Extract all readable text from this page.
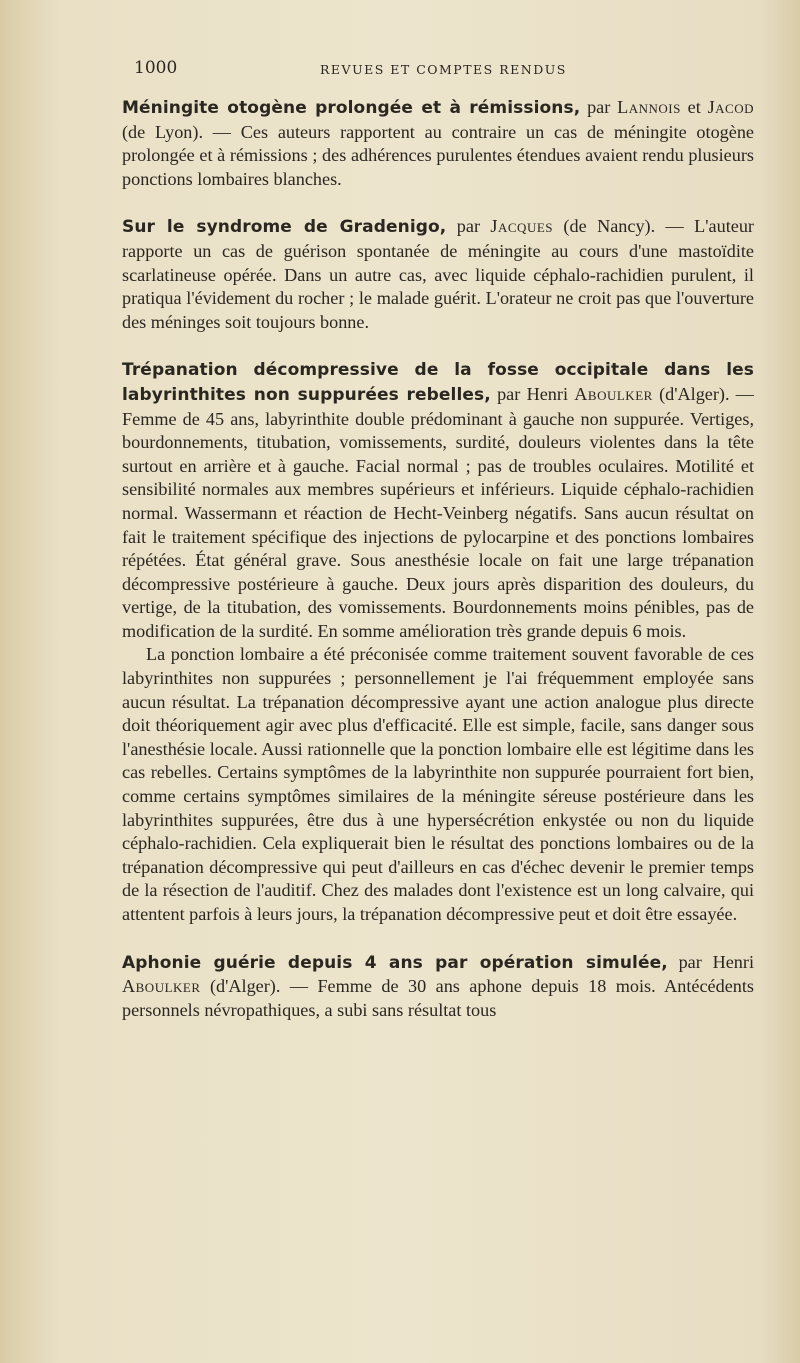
1000	REVUES ET COMPTES RENDUS

Méningite otogène prolongée et à rémissions, par Lannois et Jacod (de Lyon). — Ces auteurs rapportent au contraire un cas de méningite otogène prolongée et à rémissions ; des adhérences purulentes étendues avaient rendu plusieurs ponctions lombaires blanches.

Sur le syndrome de Gradenigo, par Jacques (de Nancy). — L'auteur rapporte un cas de guérison spontanée de méningite au cours d'une mastoïdite scarlatineuse opérée. Dans un autre cas, avec liquide céphalo-rachidien purulent, il pratiqua l'évidement du rocher ; le malade guérit. L'orateur ne croit pas que l'ouverture des méninges soit toujours bonne.

Trépanation décompressive de la fosse occipitale dans les labyrinthites non suppurées rebelles, par Henri Aboulker (d'Alger). — Femme de 45 ans, labyrinthite double prédominant à gauche non suppurée. Vertiges, bourdonnements, titubation, vomissements, surdité, douleurs violentes dans la tête surtout en arrière et à gauche. Facial normal ; pas de troubles oculaires. Motilité et sensibilité normales aux membres supérieurs et inférieurs. Liquide céphalo-rachidien normal. Wassermann et réaction de Hecht-Veinberg négatifs. Sans aucun résultat on fait le traitement spécifique des injections de pylocarpine et des ponctions lombaires répétées. État général grave. Sous anesthésie locale on fait une large trépanation décompressive postérieure à gauche. Deux jours après disparition des douleurs, du vertige, de la titubation, des vomissements. Bourdonnements moins pénibles, pas de modification de la surdité. En somme amélioration très grande depuis 6 mois.

La ponction lombaire a été préconisée comme traitement souvent favorable de ces labyrinthites non suppurées ; personnellement je l'ai fréquemment employée sans aucun résultat. La trépanation décompressive ayant une action analogue plus directe doit théoriquement agir avec plus d'efficacité. Elle est simple, facile, sans danger sous l'anesthésie locale. Aussi rationnelle que la ponction lombaire elle est légitime dans les cas rebelles. Certains symptômes de la labyrinthite non suppurée pourraient fort bien, comme certains symptômes similaires de la méningite séreuse postérieure dans les labyrinthites suppurées, être dus à une hypersécrétion enkystée ou non du liquide céphalo-rachidien. Cela expliquerait bien le résultat des ponctions lombaires ou de la trépanation décompressive qui peut d'ailleurs en cas d'échec devenir le premier temps de la résection de l'auditif. Chez des malades dont l'existence est un long calvaire, qui attentent parfois à leurs jours, la trépanation décompressive peut et doit être essayée.

Aphonie guérie depuis 4 ans par opération simulée, par Henri Aboulker (d'Alger). — Femme de 30 ans aphone depuis 18 mois. Antécédents personnels névropathiques, a subi sans résultat tous
